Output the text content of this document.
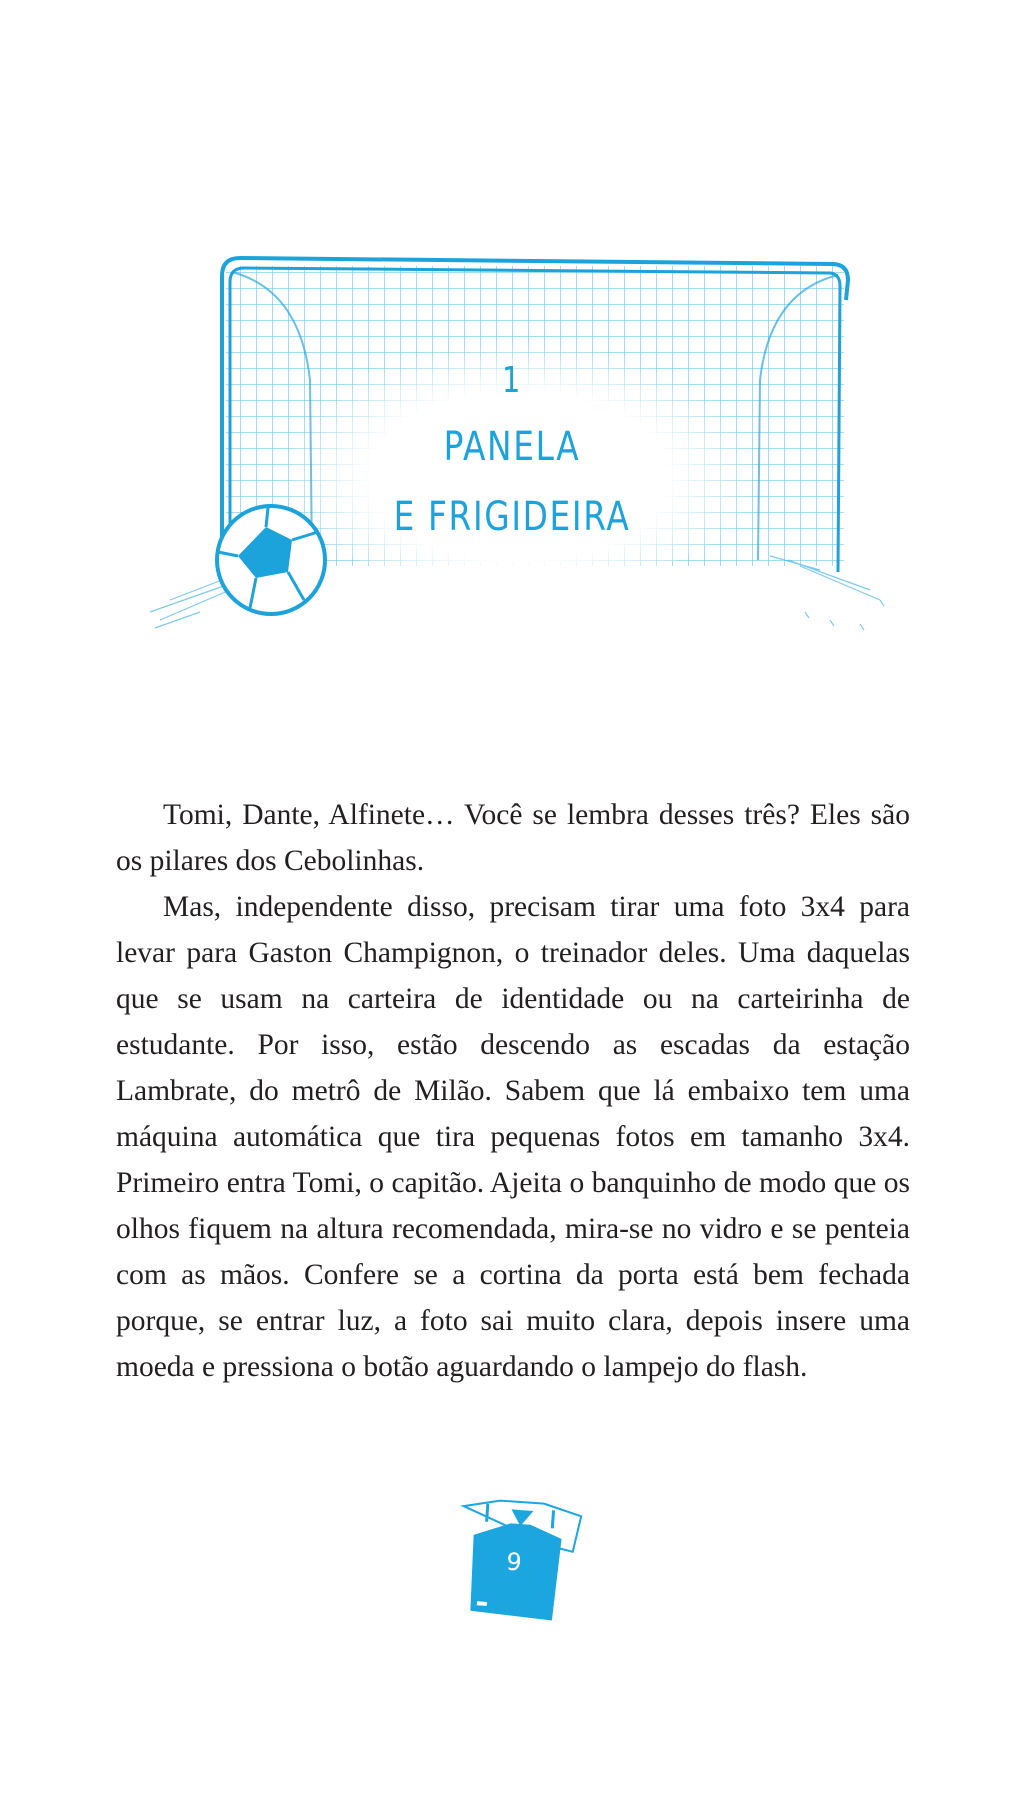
1
PANELA
E FRIGIDEIRA

Tomi, Dante, Alfinete… Você se lembra desses três? Eles são os pilares dos Cebolinhas.

Mas, independente disso, precisam tirar uma foto 3x4 para levar para Gaston Champignon, o treinador deles. Uma daquelas que se usam na carteira de identidade ou na carteirinha de estudante. Por isso, estão descendo as escadas da estação Lambrate, do metrô de Milão. Sabem que lá embaixo tem uma máquina automática que tira pequenas fotos em tamanho 3x4. Primeiro entra Tomi, o capitão. Ajeita o banquinho de modo que os olhos fiquem na altura recomendada, mira-se no vidro e se penteia com as mãos. Confere se a cortina da porta está bem fechada porque, se entrar luz, a foto sai muito clara, depois insere uma moeda e pressiona o botão aguardando o lampejo do flash.

9
